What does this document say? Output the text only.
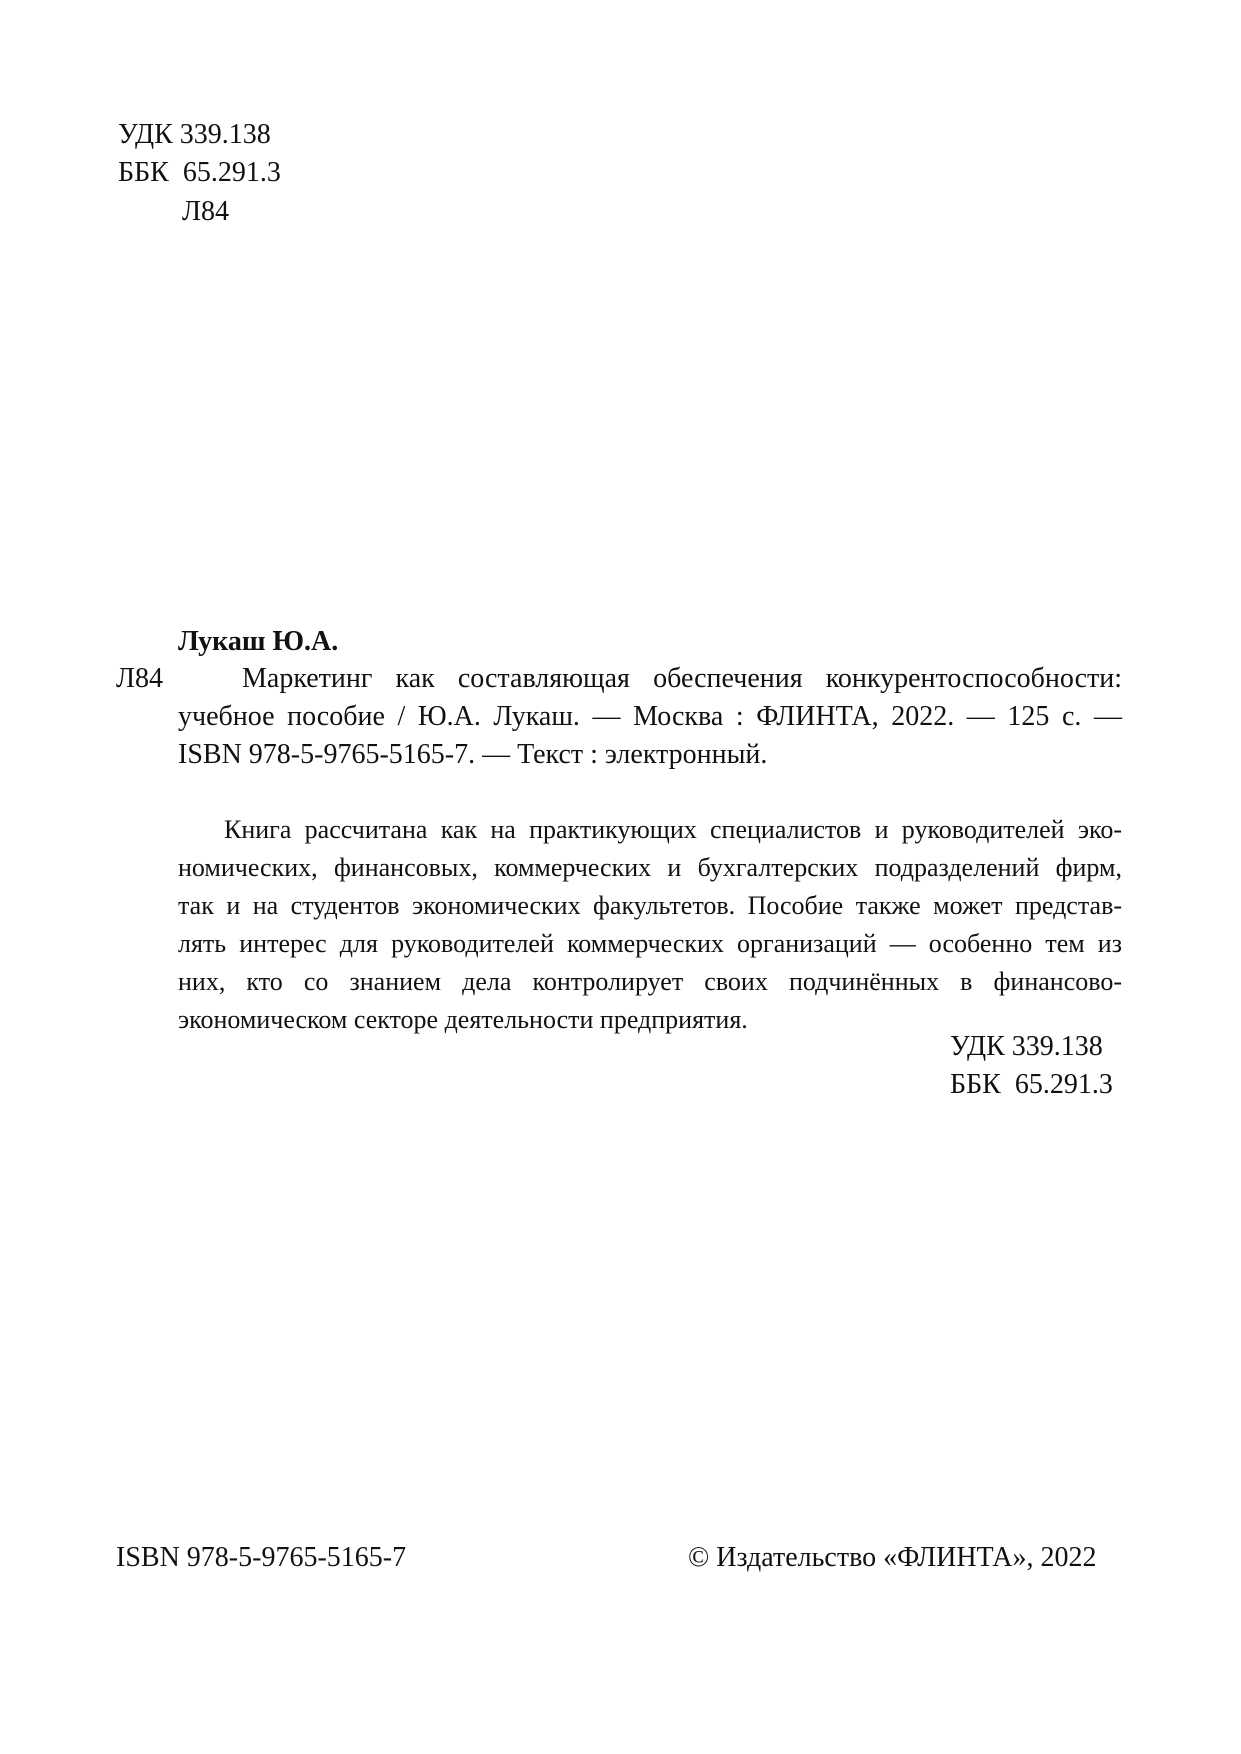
УДК 339.138
ББК  65.291.3
Л84
Лукаш Ю.А.
Л84	Маркетинг как составляющая обеспечения конкурентоспособности:
учебное пособие / Ю.А. Лукаш. — Москва : ФЛИНТА, 2022. — 125 с. —
ISBN 978-5-9765-5165-7. — Текст : электронный.
Книга рассчитана как на практикующих специалистов и руководителей эко-
номических, финансовых, коммерческих и бухгалтерских подразделений фирм,
так и на студентов экономических факультетов. Пособие также может представ-
лять интерес для руководителей коммерческих организаций — особенно тем из
них, кто со знанием дела контролирует своих подчинённых в финансово-
экономическом секторе деятельности предприятия.
УДК 339.138
ББК  65.291.3
ISBN 978-5-9765-5165-7	© Издательство «ФЛИНТА», 2022
